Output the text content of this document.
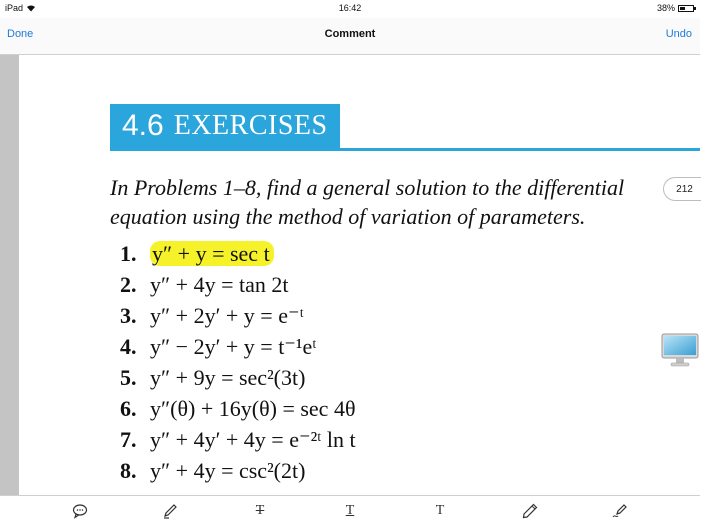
iPad	16:42	38%
Done	Comment	Undo
4.6 EXERCISES
In Problems 1–8, find a general solution to the differential
equation using the method of variation of parameters.
212
1. y″ + y = sec t
2. y″ + 4y = tan 2t
3. y″ + 2y′ + y = e⁻ᵗ
4. y″ − 2y′ + y = t⁻¹eᵗ
5. y″ + 9y = sec²(3t)
6. y″(θ) + 16y(θ) = sec 4θ
7. y″ + 4y′ + 4y = e⁻²ᵗ ln t
8. y″ + 4y = csc²(2t)
T	T	T
